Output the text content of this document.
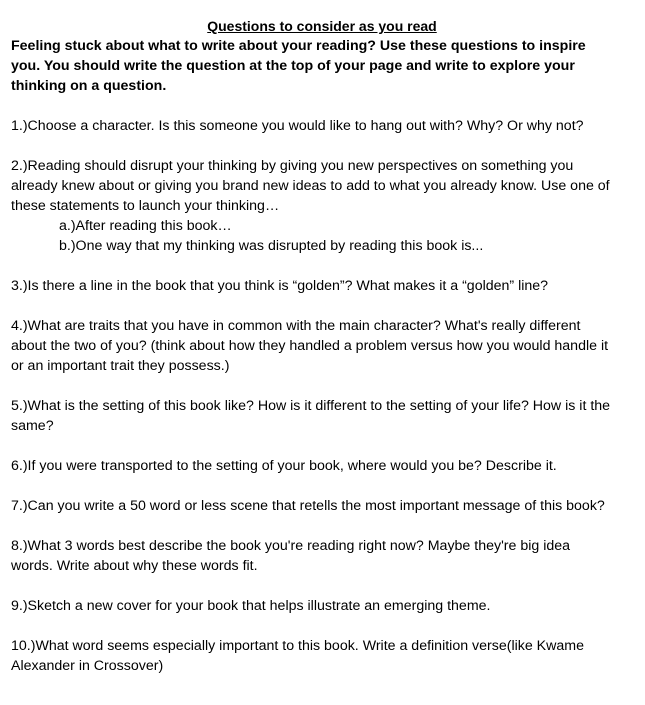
Questions to consider as you read
Feeling stuck about what to write about your reading? Use these questions to inspire
you. You should write the question at the top of your page and write to explore your
thinking on a question.
1.)Choose a character. Is this someone you would like to hang out with? Why? Or why not?
2.)Reading should disrupt your thinking by giving you new perspectives on something you
already knew about or giving you brand new ideas to add to what you already know. Use one of
these statements to launch your thinking…
a.)After reading this book…
b.)One way that my thinking was disrupted by reading this book is...
3.)Is there a line in the book that you think is “golden”? What makes it a “golden” line?
4.)What are traits that you have in common with the main character? What's really different
about the two of you? (think about how they handled a problem versus how you would handle it
or an important trait they possess.)
5.)What is the setting of this book like? How is it different to the setting of your life? How is it the
same?
6.)If you were transported to the setting of your book, where would you be? Describe it.
7.)Can you write a 50 word or less scene that retells the most important message of this book?
8.)What 3 words best describe the book you're reading right now? Maybe they're big idea
words. Write about why these words fit.
9.)Sketch a new cover for your book that helps illustrate an emerging theme.
10.)What word seems especially important to this book. Write a definition verse(like Kwame
Alexander in Crossover)
